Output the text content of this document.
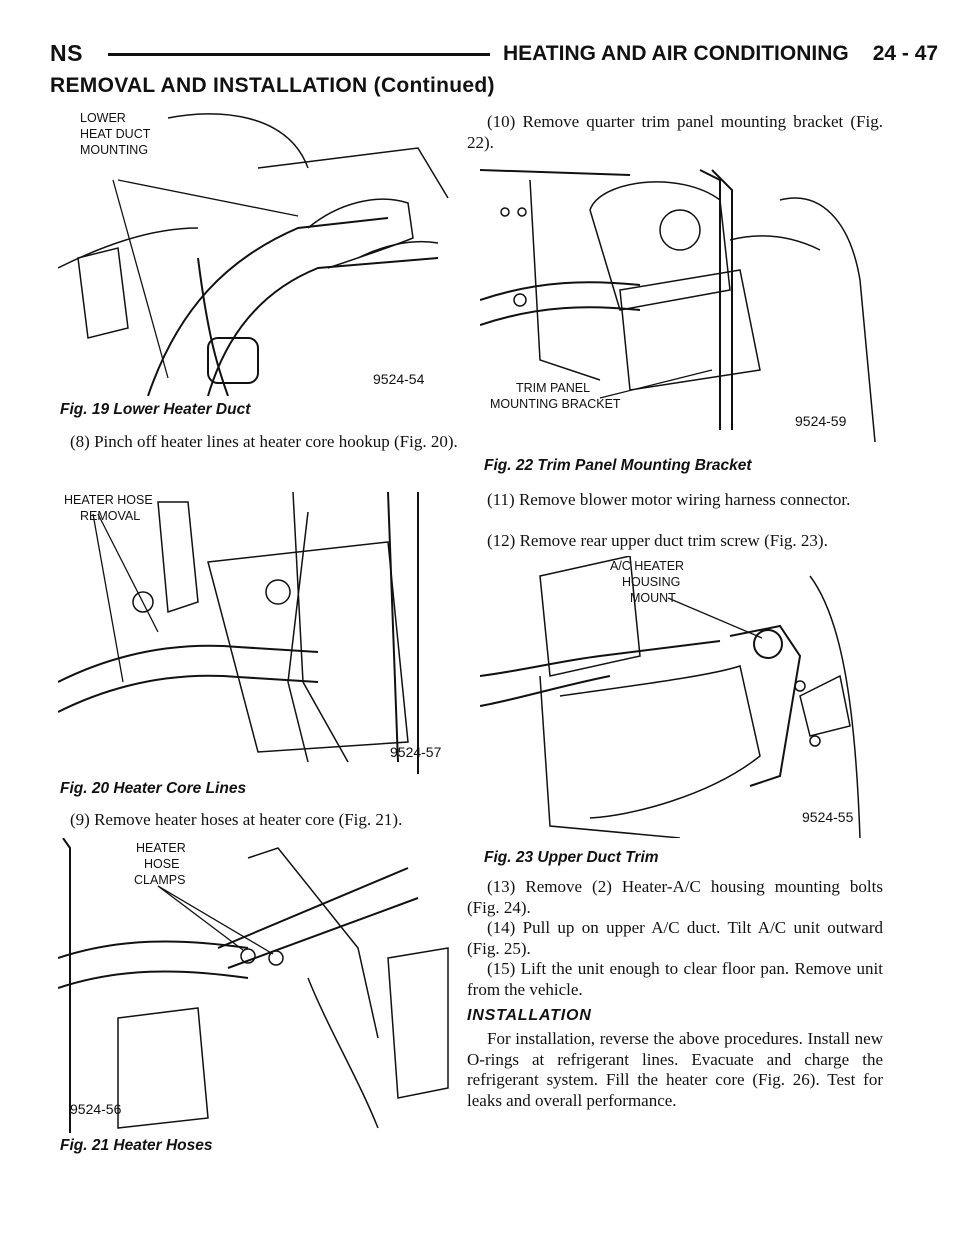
NS	HEATING AND AIR CONDITIONING 24 - 47
REMOVAL AND INSTALLATION (Continued)
LOWER
HEAT DUCT
MOUNTING
9524-54
Fig. 19 Lower Heater Duct
(8) Pinch off heater lines at heater core hookup (Fig. 20).
HEATER HOSE
REMOVAL
9524-57
Fig. 20 Heater Core Lines
(9) Remove heater hoses at heater core (Fig. 21).
HEATER
HOSE
CLAMPS
9524-56
Fig. 21 Heater Hoses
(10) Remove quarter trim panel mounting bracket (Fig. 22).
TRIM PANEL
MOUNTING BRACKET
9524-59
Fig. 22 Trim Panel Mounting Bracket
(11) Remove blower motor wiring harness connector.
(12) Remove rear upper duct trim screw (Fig. 23).
A/C HEATER
HOUSING
MOUNT
9524-55
Fig. 23 Upper Duct Trim
(13) Remove (2) Heater-A/C housing mounting bolts (Fig. 24).
(14) Pull up on upper A/C duct. Tilt A/C unit outward (Fig. 25).
(15) Lift the unit enough to clear floor pan. Remove unit from the vehicle.
INSTALLATION
For installation, reverse the above procedures. Install new O-rings at refrigerant lines. Evacuate and charge the refrigerant system. Fill the heater core (Fig. 26). Test for leaks and overall performance.
